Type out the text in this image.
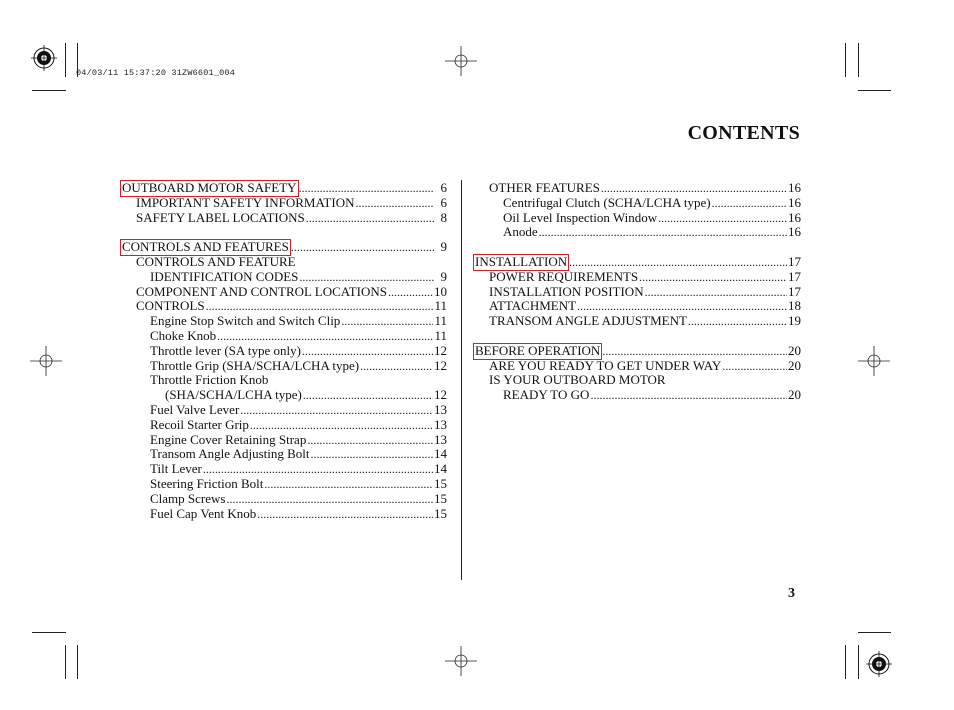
04/03/11 15:37:20 31ZW6601_004
CONTENTS
OUTBOARD MOTOR SAFETY .....	6
IMPORTANT SAFETY INFORMATION .....	6
SAFETY LABEL LOCATIONS .....	8
CONTROLS AND FEATURES .....	9
CONTROLS AND FEATURE
IDENTIFICATION CODES .....	9
COMPONENT AND CONTROL LOCATIONS .....	10
CONTROLS .....	11
Engine Stop Switch and Switch Clip .....	11
Choke Knob .....	11
Throttle lever (SA type only) .....	12
Throttle Grip (SHA/SCHA/LCHA type) .....	12
Throttle Friction Knob
(SHA/SCHA/LCHA type) .....	12
Fuel Valve Lever .....	13
Recoil Starter Grip .....	13
Engine Cover Retaining Strap .....	13
Transom Angle Adjusting Bolt .....	14
Tilt Lever .....	14
Steering Friction Bolt .....	15
Clamp Screws .....	15
Fuel Cap Vent Knob .....	15
OTHER FEATURES .....	16
Centrifugal Clutch (SCHA/LCHA type) .....	16
Oil Level Inspection Window .....	16
Anode .....	16
INSTALLATION .....	17
POWER REQUIREMENTS .....	17
INSTALLATION POSITION .....	17
ATTACHMENT .....	18
TRANSOM ANGLE ADJUSTMENT .....	19
BEFORE OPERATION .....	20
ARE YOU READY TO GET UNDER WAY .....	20
IS YOUR OUTBOARD MOTOR
READY TO GO .....	20
3
